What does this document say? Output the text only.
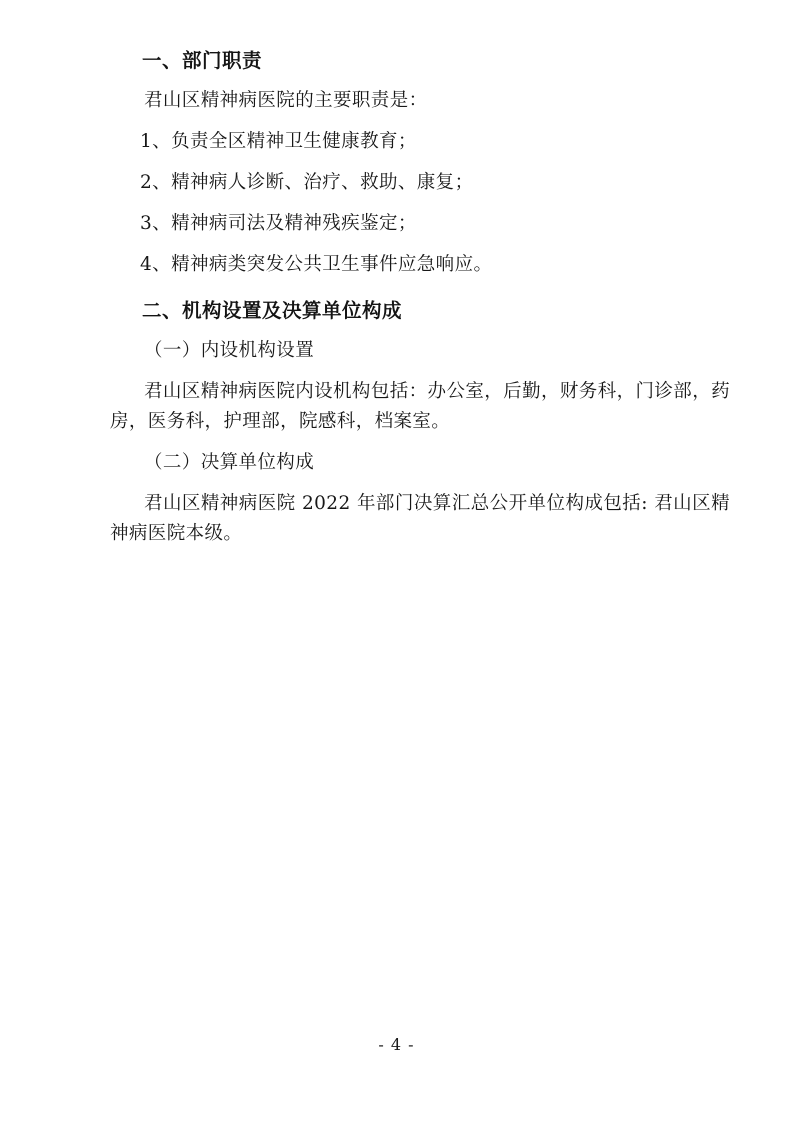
一、部门职责

君山区精神病医院的主要职责是：

1、负责全区精神卫生健康教育；

2、精神病人诊断、治疗、救助、康复；

3、精神病司法及精神残疾鉴定；

4、精神病类突发公共卫生事件应急响应。

二、机构设置及决算单位构成

（一）内设机构设置

君山区精神病医院内设机构包括：办公室，后勤，财务科，门诊部，药房，医务科，护理部，院感科，档案室。

（二）决算单位构成

君山区精神病医院 2022 年部门决算汇总公开单位构成包括: 君山区精神病医院本级。

- 4 -
